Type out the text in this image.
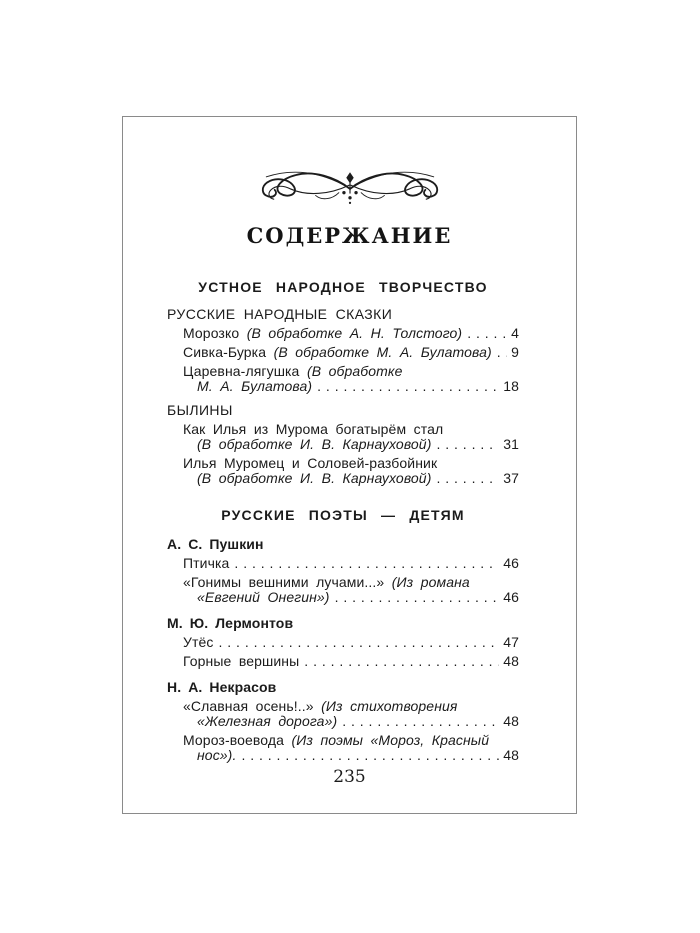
СОДЕРЖАНИЕ
УСТНОЕ НАРОДНОЕ ТВОРЧЕСТВО
РУССКИЕ НАРОДНЫЕ СКАЗКИ
Морозко (В обработке А. Н. Толстого) . . .	4
Сивка-Бурка (В обработке М. А. Булатова) . . . 9
Царевна-лягушка (В обработке
М. А. Булатова) . . .	18
БЫЛИНЫ
Как Илья из Мурома богатырём стал
(В обработке И. В. Карнауховой) . . .	31
Илья Муромец и Соловей-разбойник
(В обработке И. В. Карнауховой) . . .	37
РУССКИЕ ПОЭТЫ — ДЕТЯМ
А. С. Пушкин
Птичка . . .	46
«Гонимы вешними лучами...» (Из романа
«Евгений Онегин») . . .	46
М. Ю. Лермонтов
Утёс . . .	47
Горные вершины . . .	48
Н. А. Некрасов
«Славная осень!..» (Из стихотворения
«Железная дорога») . . .	48
Мороз-воевода (Из поэмы «Мороз, Красный
нос»). . . .	48
235
